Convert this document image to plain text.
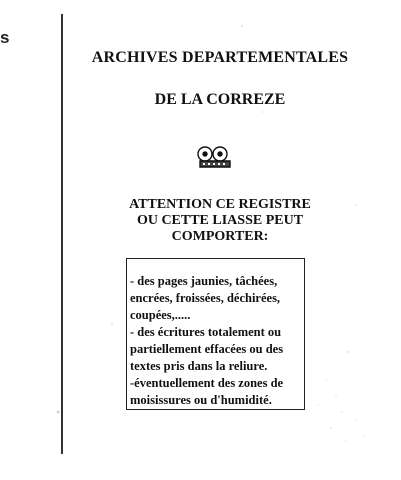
s
ARCHIVES DEPARTEMENTALES
DE LA CORREZE
ATTENTION CE REGISTRE
OU CETTE LIASSE PEUT
COMPORTER:
- des pages jaunies, tâchées,
encrées, froissées, déchirées,
coupées,.....
- des écritures totalement ou
partiellement effacées ou des
textes pris dans la reliure.
-éventuellement des zones de
moisissures ou d'humidité.
